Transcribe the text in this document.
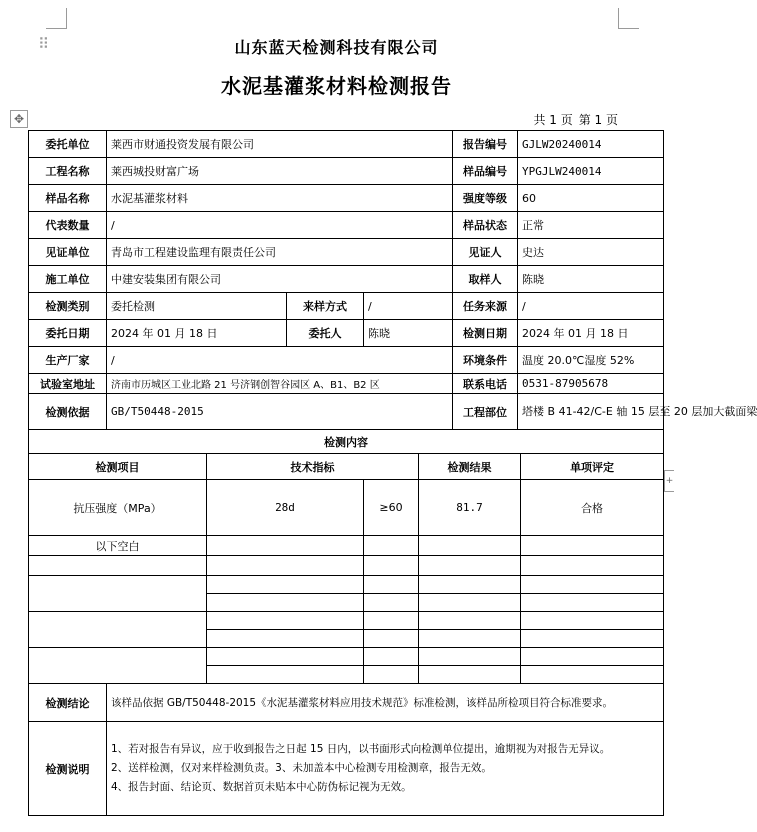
⠿
✥
+
山东蓝天检测科技有限公司
水泥基灌浆材料检测报告
共 1 页 第 1 页
委托单位	莱西市财通投资发展有限公司					报告编号	GJLW20240014	
工程名称	莱西城投财富广场					样品编号	YPGJLW240014	
样品名称	水泥基灌浆材料					强度等级	60	
代表数量	/					样品状态	正常	
见证单位	青岛市工程建设监理有限责任公司					见证人	史达	
施工单位	中建安装集团有限公司					取样人	陈晓	
检测类别	委托检测		来样方式	/		任务来源	/	
委托日期	2024 年 01 月 18 日		委托人	陈晓		检测日期	2024 年 01 月 18 日	
生产厂家	/					环境条件	温度 20.0℃湿度 52%	
试验室地址	济南市历城区工业北路 21 号济钢创智谷园区 A、B1、B2 区					联系电话	0531-87905678	
检测依据	GB/T50448-2015					工程部位	塔楼 B 41-42/C-E 轴 15 层至 20 层加大截面梁	
检测内容								
检测项目		技术指标			检测结果			单项评定
抗压强度（MPa）		28d		≥60	81.7			合格
以下空白								

检测结论	该样品依据 GB/T50448-2015《水泥基灌浆材料应用技术规范》标准检测，该样品所检项目符合标准要求。							
检测说明	1、若对报告有异议，应于收到报告之日起 15 日内，以书面形式向检测单位提出，逾期视为对报告无异议。
2、送样检测，仅对来样检测负责。3、未加盖本中心检测专用检测章，报告无效。
4、报告封面、结论页、数据首页未贴本中心防伪标记视为无效。							
